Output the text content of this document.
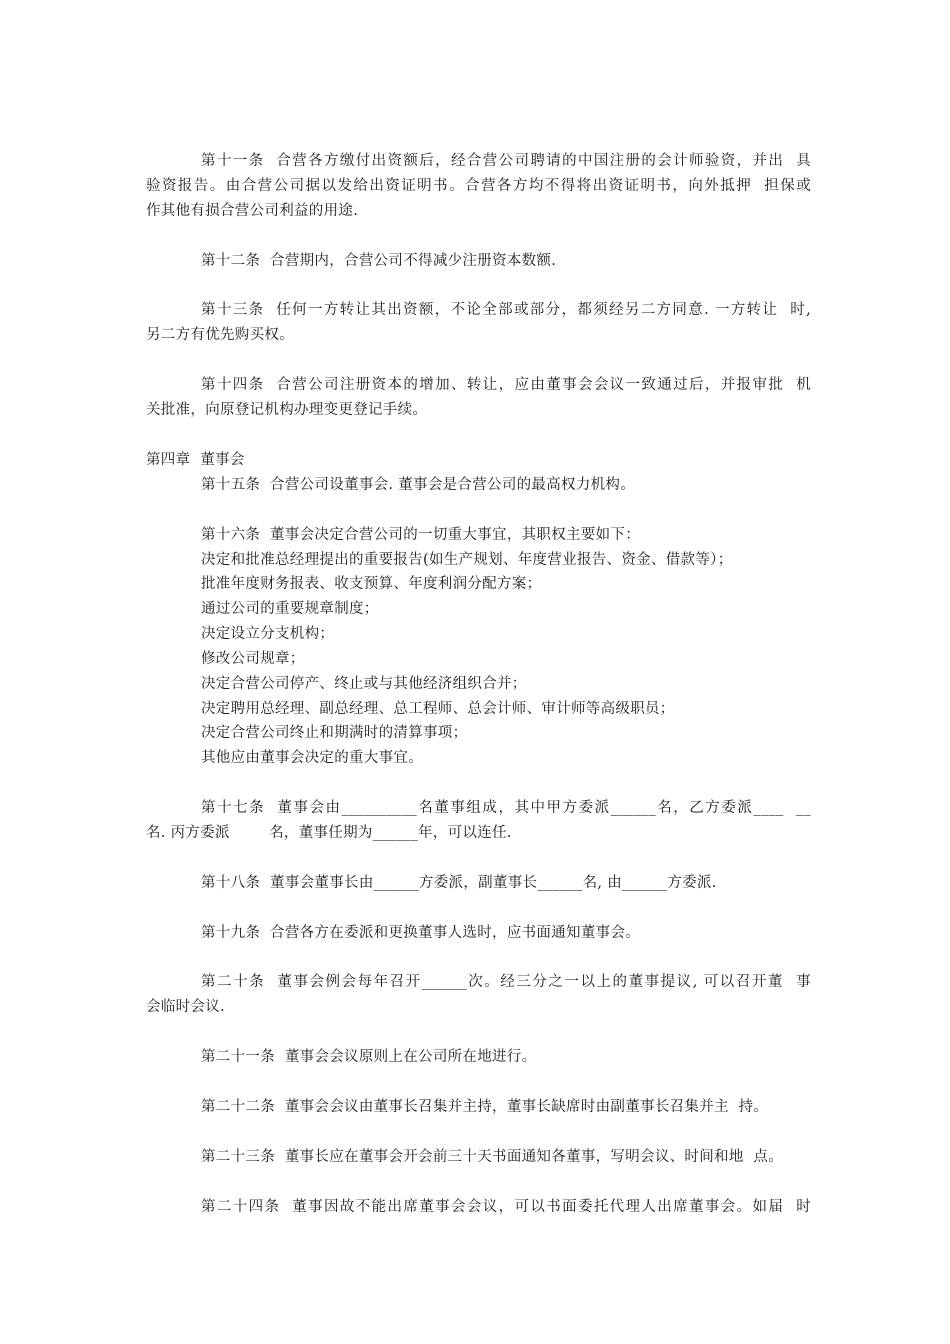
第十一条  合营各方缴付出资额后，经合营公司聘请的中国注册的会计师验资，并出  具
验资报告。由合营公司据以发给出资证明书。合营各方均不得将出资证明书，向外抵押  担保或
作其他有损合营公司利益的用途.
第十二条  合营期内，合营公司不得减少注册资本数额.
第十三条  任何一方转让其出资额，不论全部或部分，都须经另二方同意. 一方转让  时,
另二方有优先购买权。
第十四条  合营公司注册资本的增加、转让，应由董事会会议一致通过后，并报审批  机
关批准，向原登记机构办理变更登记手续。
第四章  董事会
第十五条  合营公司设董事会. 董事会是合营公司的最高权力机构。
第十六条  董事会决定合营公司的一切重大事宜，其职权主要如下：
决定和批准总经理提出的重要报告(如生产规划、年度营业报告、资金、借款等）；
批准年度财务报表、收支预算、年度利润分配方案；
通过公司的重要规章制度；
决定设立分支机构；
修改公司规章；
决定合营公司停产、终止或与其他经济组织合并；
决定聘用总经理、副总经理、总工程师、总会计师、审计师等高级职员；
决定合营公司终止和期满时的清算事项；
其他应由董事会决定的重大事宜。
第十七条  董事会由__________名董事组成，其中甲方委派______名，乙方委派____  __
名. 丙方委派        名，董事任期为______年，可以连任.
第十八条  董事会董事长由______方委派，副董事长______名, 由______方委派.
第十九条  合营各方在委派和更换董事人选时，应书面通知董事会。
第二十条  董事会例会每年召开______次。经三分之一以上的董事提议, 可以召开董  事
会临时会议.
第二十一条  董事会会议原则上在公司所在地进行。
第二十二条  董事会会议由董事长召集并主持，董事长缺席时由副董事长召集并主  持。
第二十三条  董事长应在董事会开会前三十天书面通知各董事，写明会议、时间和地  点。
第二十四条  董事因故不能出席董事会会议，可以书面委托代理人出席董事会。如届  时
